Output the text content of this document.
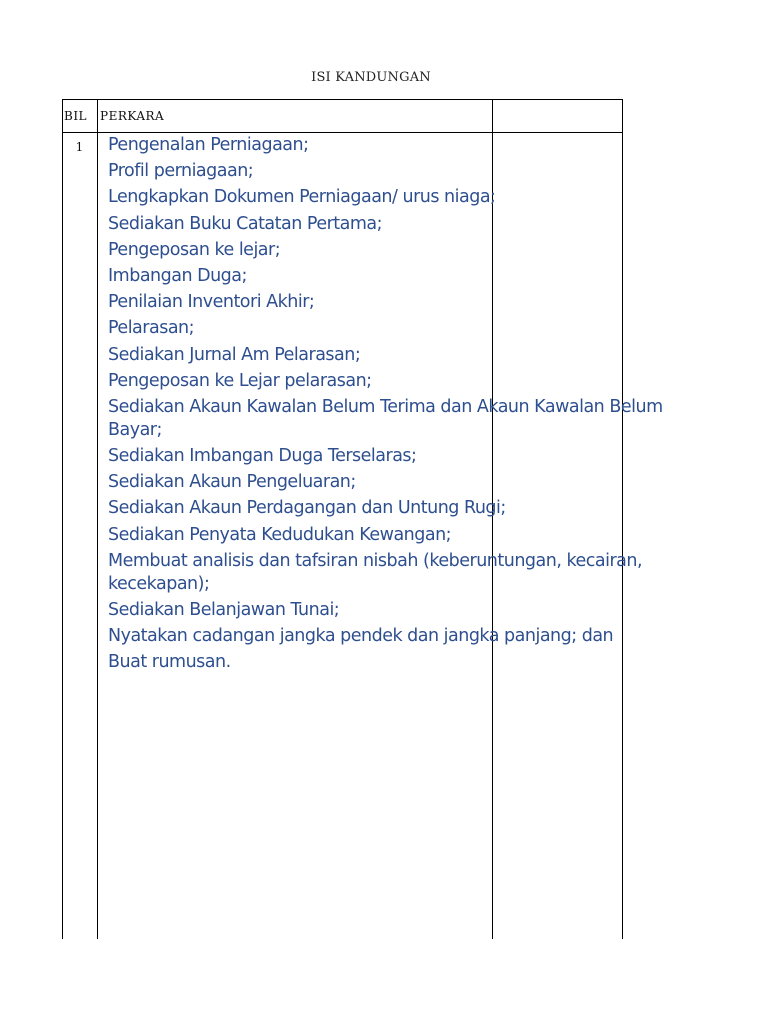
ISI KANDUNGAN
BIL PERKARA
1	Pengenalan Perniagaan;
Profil perniagaan;
Lengkapkan Dokumen Perniagaan/ urus niaga;
Sediakan Buku Catatan Pertama;
Pengeposan ke lejar;
Imbangan Duga;
Penilaian Inventori Akhir;
Pelarasan;
Sediakan Jurnal Am Pelarasan;
Pengeposan ke Lejar pelarasan;
Sediakan Akaun Kawalan Belum Terima dan Akaun Kawalan Belum Bayar;
Sediakan Imbangan Duga Terselaras;
Sediakan Akaun Pengeluaran;
Sediakan Akaun Perdagangan dan Untung Rugi;
Sediakan Penyata Kedudukan Kewangan;
Membuat analisis dan tafsiran nisbah (keberuntungan, kecairan, kecekapan);
Sediakan Belanjawan Tunai;
Nyatakan cadangan jangka pendek dan jangka panjang; dan
Buat rumusan.
